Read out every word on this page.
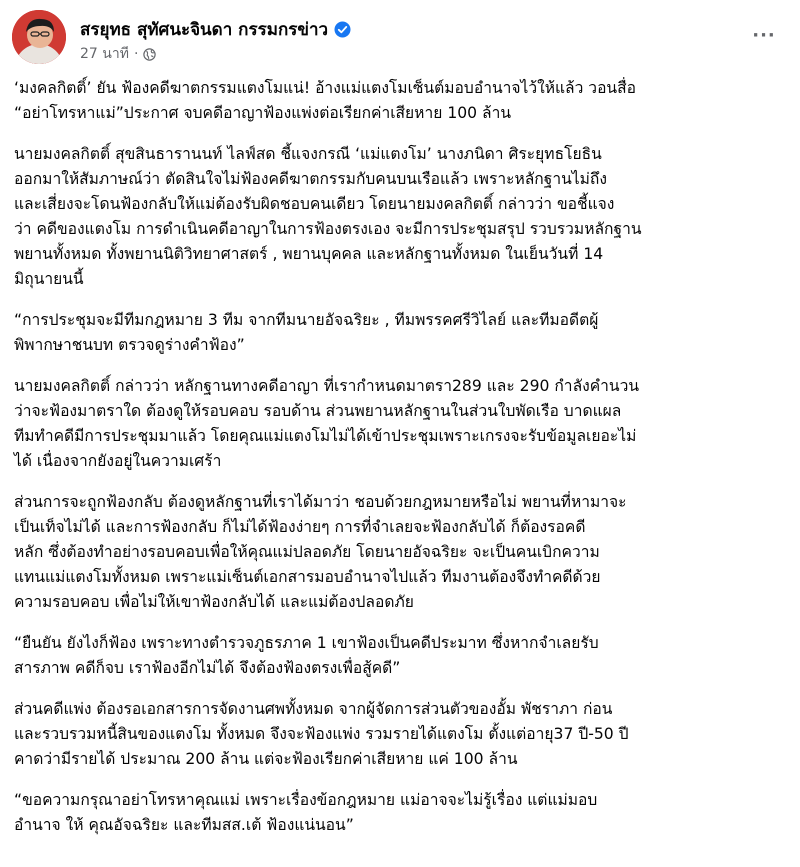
สรยุทธ สุทัศนะจินดา กรรมกรข่าว
27 นาที ·
···

‘มงคลกิตติ์’ ยัน ฟ้องคดีฆาตกรรมแตงโมแน่! อ้างแม่แตงโมเซ็นต์มอบอำนาจไว้ให้แล้ว วอนสื่อ
“อย่าโทรหาแม่”ประกาศ จบคดีอาญาฟ้องแพ่งต่อเรียกค่าเสียหาย 100 ล้าน

นายมงคลกิตติ์ สุขสินธารานนท์ ไลฟ์สด ชี้แจงกรณี ‘แม่แตงโม’ นางภนิดา ศิระยุทธโยธิน
ออกมาให้สัมภาษณ์ว่า ตัดสินใจไม่ฟ้องคดีฆาตกรรมกับคนบนเรือแล้ว เพราะหลักฐานไม่ถึง
และเสี่ยงจะโดนฟ้องกลับให้แม่ต้องรับผิดชอบคนเดียว โดยนายมงคลกิตติ์ กล่าวว่า ขอชี้แจง
ว่า คดีของแตงโม การดำเนินคดีอาญาในการฟ้องตรงเอง จะมีการประชุมสรุป รวบรวมหลักฐาน
พยานทั้งหมด ทั้งพยานนิติวิทยาศาสตร์ , พยานบุคคล และหลักฐานทั้งหมด ในเย็นวันที่ 14
มิถุนายนนี้

“การประชุมจะมีทีมกฎหมาย 3 ทีม จากทีมนายอัจฉริยะ , ทีมพรรคศรีวิไลย์ และทีมอดีตผู้
พิพากษาชนบท ตรวจดูร่างคำฟ้อง”

นายมงคลกิตติ์ กล่าวว่า หลักฐานทางคดีอาญา ที่เรากำหนดมาตรา289 และ 290 กำลังคำนวน
ว่าจะฟ้องมาตราใด ต้องดูให้รอบคอบ รอบด้าน ส่วนพยานหลักฐานในส่วนใบพัดเรือ บาดแผล
ทีมทำคดีมีการประชุมมาแล้ว โดยคุณแม่แตงโมไม่ได้เข้าประชุมเพราะเกรงจะรับข้อมูลเยอะไม่
ได้ เนื่องจากยังอยู่ในความเศร้า

ส่วนการจะถูกฟ้องกลับ ต้องดูหลักฐานที่เราได้มาว่า ชอบด้วยกฎหมายหรือไม่ พยานที่หามาจะ
เป็นเท็จไม่ได้ และการฟ้องกลับ ก็ไม่ได้ฟ้องง่ายๆ การที่จำเลยจะฟ้องกลับได้ ก็ต้องรอคดี
หลัก ซึ่งต้องทำอย่างรอบคอบเพื่อให้คุณแม่ปลอดภัย โดยนายอัจฉริยะ จะเป็นคนเบิกความ
แทนแม่แตงโมทั้งหมด เพราะแม่เซ็นต์เอกสารมอบอำนาจไปแล้ว ทีมงานต้องจึงทำคดีด้วย
ความรอบคอบ เพื่อไม่ให้เขาฟ้องกลับได้ และแม่ต้องปลอดภัย

“ยืนยัน ยังไงก็ฟ้อง เพราะทางตำรวจภูธรภาค 1 เขาฟ้องเป็นคดีประมาท ซึ่งหากจำเลยรับ
สารภาพ คดีก็จบ เราฟ้องอีกไม่ได้ จึงต้องฟ้องตรงเพื่อสู้คดี”

ส่วนคดีแพ่ง ต้องรอเอกสารการจัดงานศพทั้งหมด จากผู้จัดการส่วนตัวของอั้ม พัชราภา ก่อน
และรวบรวมหนี้สินของแตงโม ทั้งหมด จึงจะฟ้องแพ่ง รวมรายได้แตงโม ตั้งแต่อายุ37 ปี-50 ปี
คาดว่ามีรายได้ ประมาณ 200 ล้าน แต่จะฟ้องเรียกค่าเสียหาย แค่ 100 ล้าน

“ขอความกรุณาอย่าโทรหาคุณแม่ เพราะเรื่องข้อกฎหมาย แม่อาจจะไม่รู้เรื่อง แต่แม่มอบ
อำนาจ ให้ คุณอัจฉริยะ และทีมสส.เต้ ฟ้องแน่นอน”
